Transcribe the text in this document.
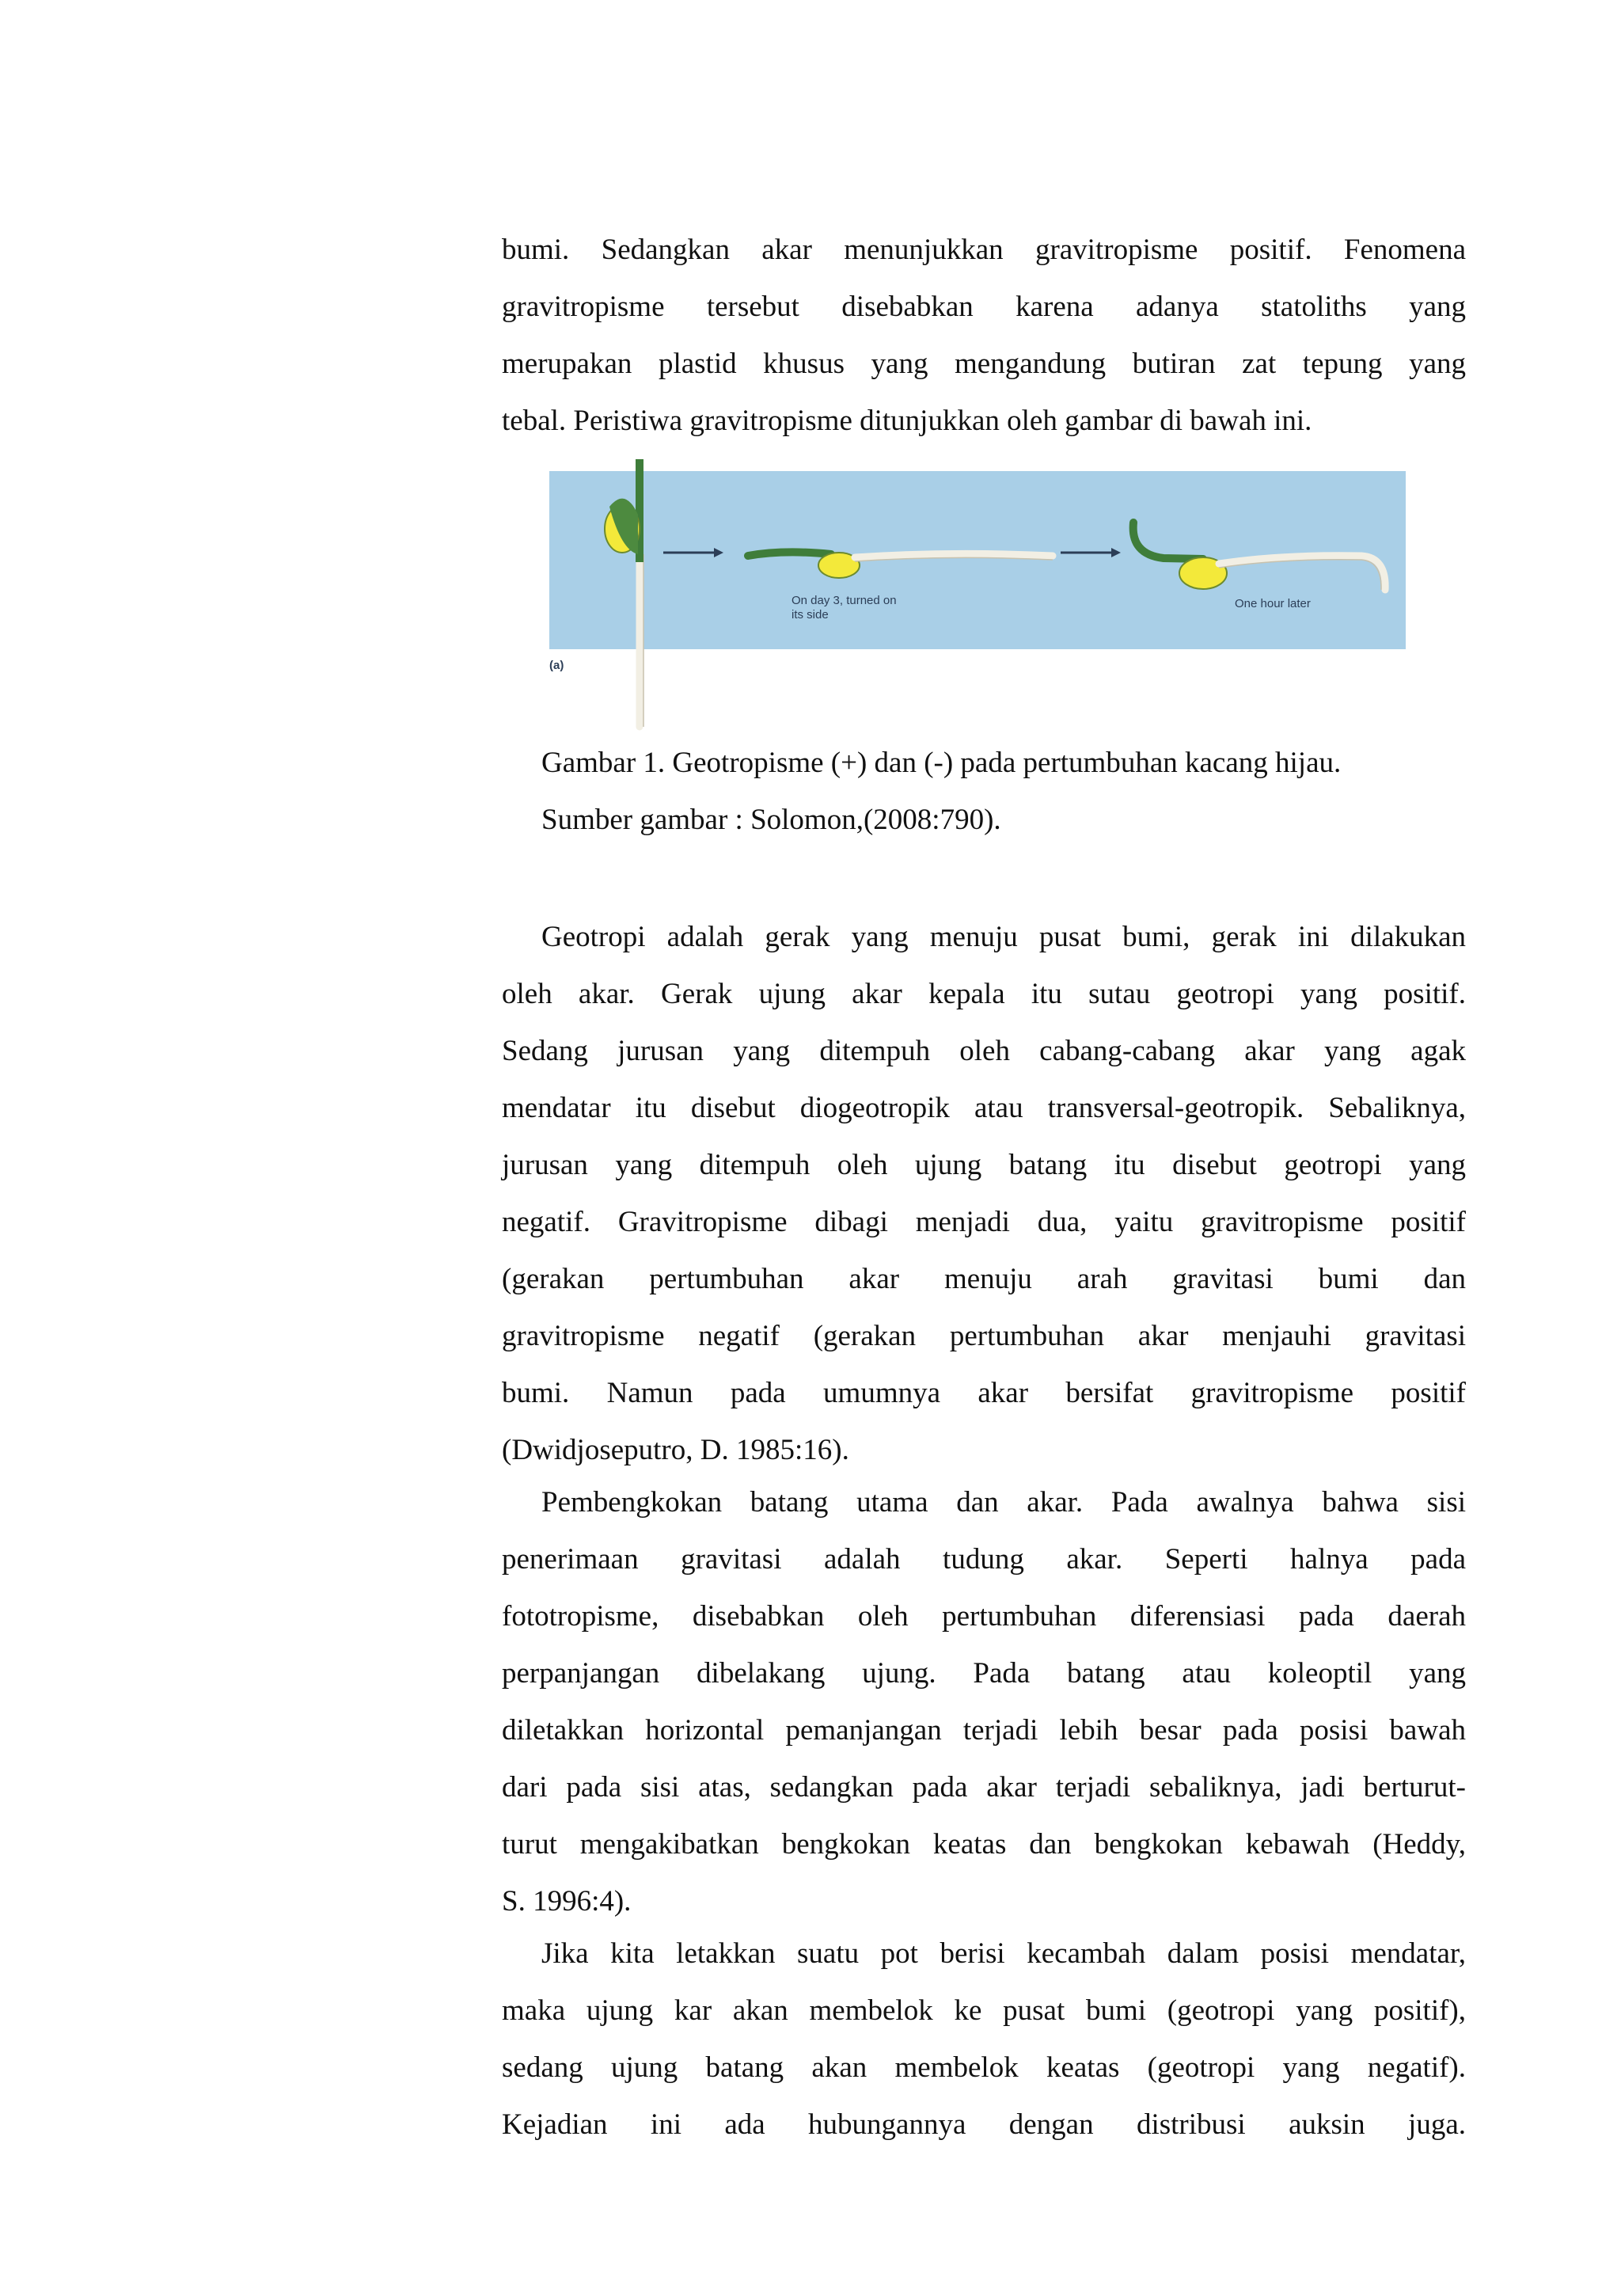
bumi. Sedangkan akar menunjukkan gravitropisme positif. Fenomena
gravitropisme tersebut disebabkan karena adanya statoliths yang
merupakan plastid khusus yang mengandung butiran zat tepung yang
tebal. Peristiwa gravitropisme ditunjukkan oleh gambar di bawah ini.
On day 3, turned on
its side
One hour later
(a)
Gambar 1. Geotropisme (+) dan (-) pada pertumbuhan kacang hijau.
Sumber gambar : Solomon,(2008:790).
Geotropi adalah gerak yang menuju pusat bumi, gerak ini dilakukan
oleh akar. Gerak ujung akar kepala itu sutau geotropi yang positif.
Sedang jurusan yang ditempuh oleh cabang-cabang akar yang agak
mendatar itu disebut diogeotropik atau transversal-geotropik. Sebaliknya,
jurusan yang ditempuh oleh ujung batang itu disebut geotropi yang
negatif. Gravitropisme dibagi menjadi dua, yaitu gravitropisme positif
(gerakan pertumbuhan akar menuju arah gravitasi bumi dan
gravitropisme negatif (gerakan pertumbuhan akar menjauhi gravitasi
bumi. Namun pada umumnya akar bersifat gravitropisme positif
(Dwidjoseputro, D. 1985:16).
Pembengkokan batang utama dan akar. Pada awalnya bahwa sisi
penerimaan gravitasi adalah tudung akar. Seperti halnya pada
fototropisme, disebabkan oleh pertumbuhan diferensiasi pada daerah
perpanjangan dibelakang ujung. Pada batang atau koleoptil yang
diletakkan horizontal pemanjangan terjadi lebih besar pada posisi bawah
dari pada sisi atas, sedangkan pada akar terjadi sebaliknya, jadi berturut-
turut mengakibatkan bengkokan keatas dan bengkokan kebawah (Heddy,
S. 1996:4).
Jika kita letakkan suatu pot berisi kecambah dalam posisi mendatar,
maka ujung kar akan membelok ke pusat bumi (geotropi yang positif),
sedang ujung batang akan membelok keatas (geotropi yang negatif).
Kejadian ini ada hubungannya dengan distribusi auksin juga.
